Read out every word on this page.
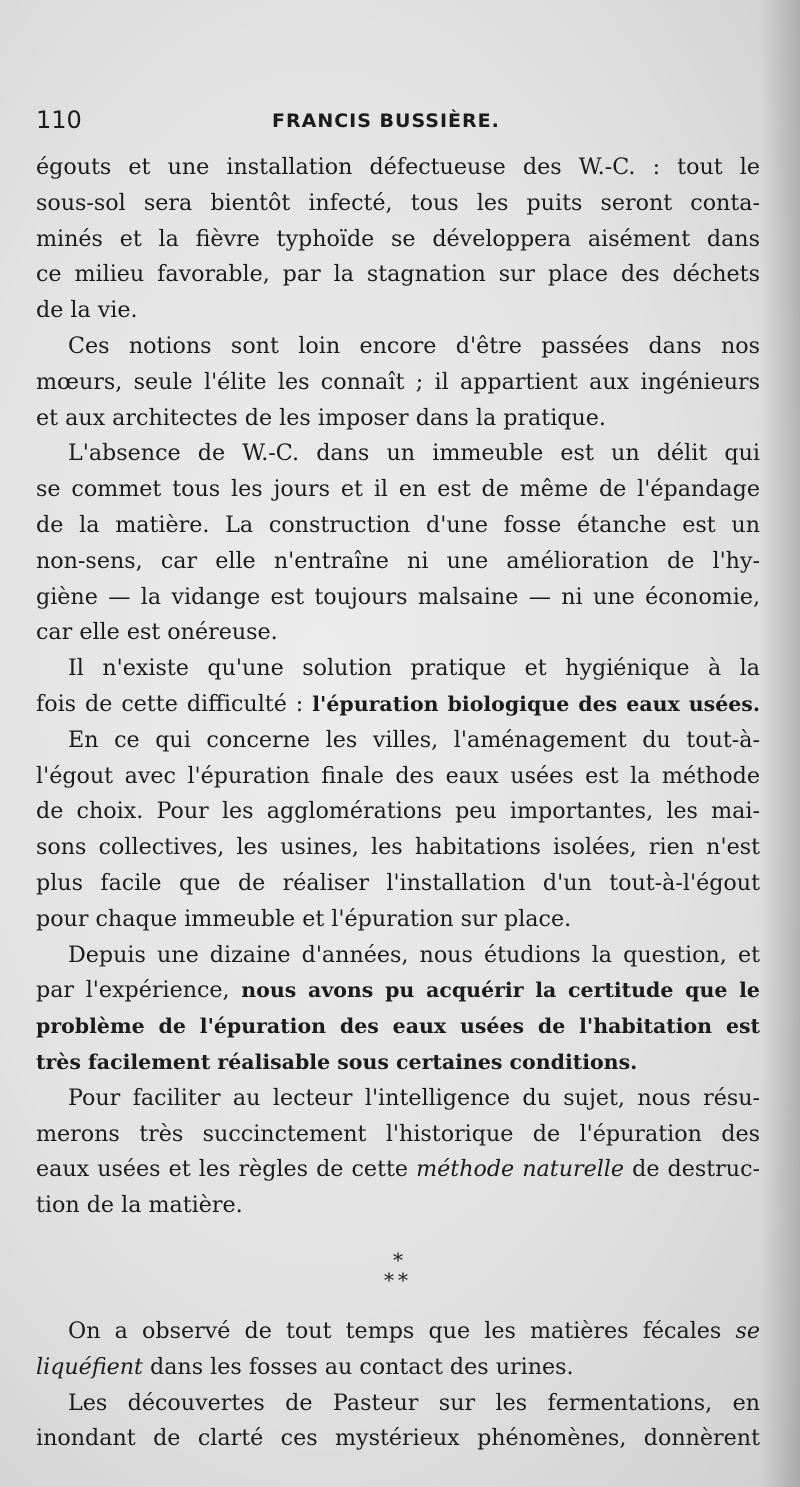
110	FRANCIS BUSSIÈRE.

égouts et une installation défectueuse des W.-C. : tout le
sous-sol sera bientôt infecté, tous les puits seront conta-
minés et la fièvre typhoïde se développera aisément dans
ce milieu favorable, par la stagnation sur place des déchets
de la vie.

Ces notions sont loin encore d'être passées dans nos
mœurs, seule l'élite les connaît ; il appartient aux ingénieurs
et aux architectes de les imposer dans la pratique.

L'absence de W.-C. dans un immeuble est un délit qui
se commet tous les jours et il en est de même de l'épandage
de la matière. La construction d'une fosse étanche est un
non-sens, car elle n'entraîne ni une amélioration de l'hy-
giène — la vidange est toujours malsaine — ni une économie,
car elle est onéreuse.

Il n'existe qu'une solution pratique et hygiénique à la
fois de cette difficulté : l'épuration biologique des eaux usées.

En ce qui concerne les villes, l'aménagement du tout-à-
l'égout avec l'épuration finale des eaux usées est la méthode
de choix. Pour les agglomérations peu importantes, les mai-
sons collectives, les usines, les habitations isolées, rien n'est
plus facile que de réaliser l'installation d'un tout-à-l'égout
pour chaque immeuble et l'épuration sur place.

Depuis une dizaine d'années, nous étudions la question, et
par l'expérience, nous avons pu acquérir la certitude que le
problème de l'épuration des eaux usées de l'habitation est
très facilement réalisable sous certaines conditions.

Pour faciliter au lecteur l'intelligence du sujet, nous résu-
merons très succinctement l'historique de l'épuration des
eaux usées et les règles de cette méthode naturelle de destruc-
tion de la matière.

*
**

On a observé de tout temps que les matières fécales se
liquéfient dans les fosses au contact des urines.

Les découvertes de Pasteur sur les fermentations, en
inondant de clarté ces mystérieux phénomènes, donnèrent
